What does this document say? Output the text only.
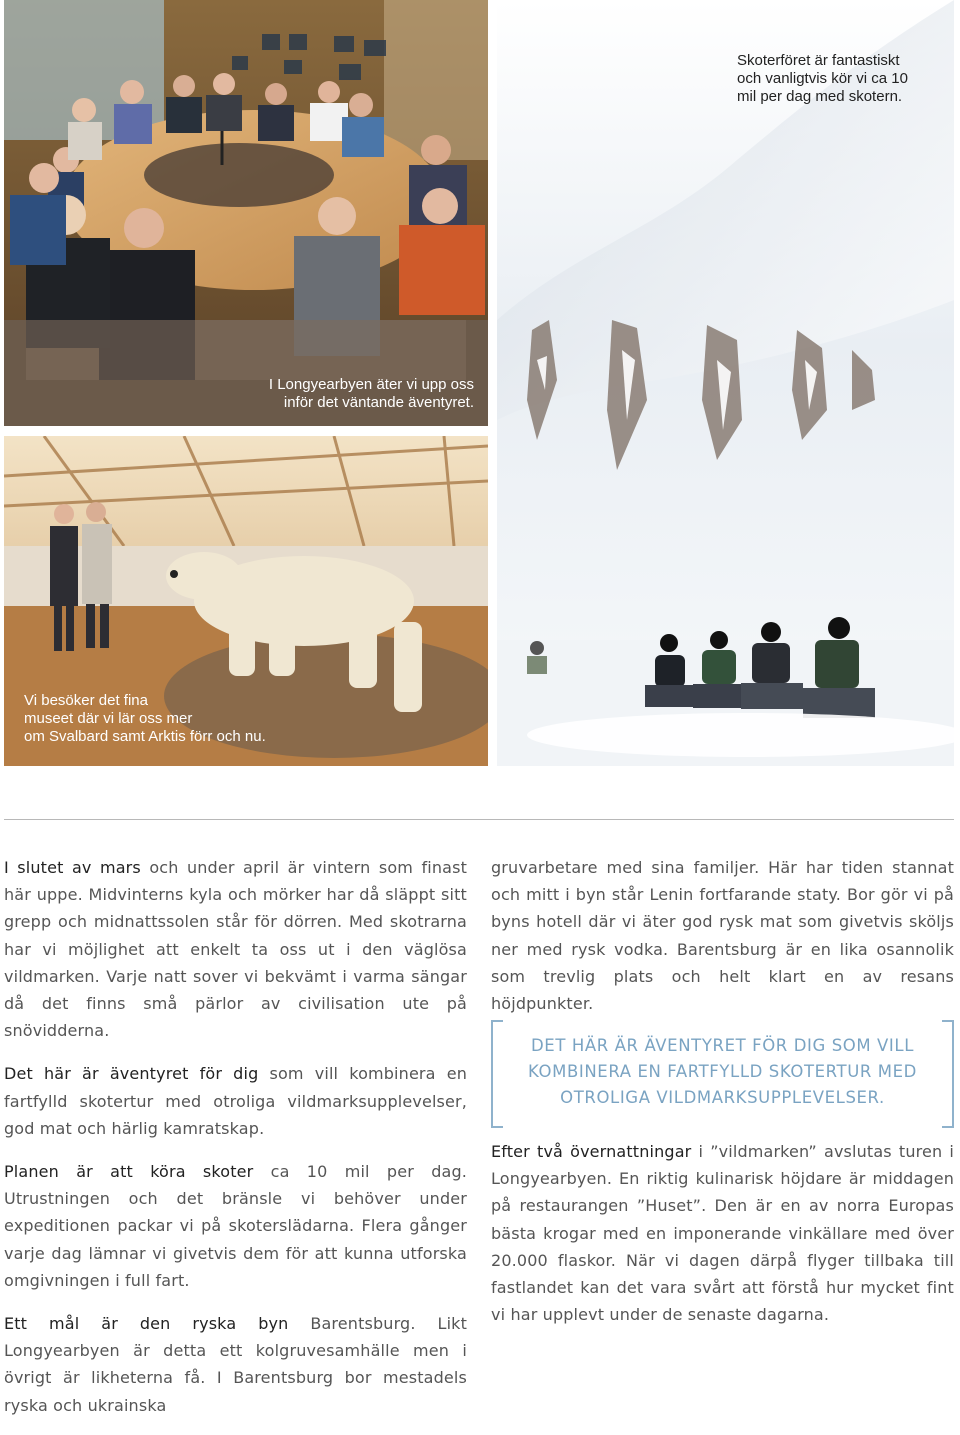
I Longyearbyen äter vi upp oss
inför det väntande äventyret.
Vi besöker det fina
museet där vi lär oss mer
om Svalbard samt Arktis förr och nu.
Skoterföret är fantastiskt
och vanligtvis kör vi ca 10
mil per dag med skotern.

I slutet av mars och under april är vintern som finast här uppe. Midvinterns kyla och mörker har då släppt sitt grepp och midnattssolen står för dörren. Med skotrarna har vi möjlighet att enkelt ta oss ut i den väglösa vildmarken. Varje natt sover vi bekvämt i varma sängar då det finns små pärlor av civilisation ute på snövidderna.

Det här är äventyret för dig som vill kombinera en fartfylld skotertur med otroliga vildmarksupplevelser, god mat och härlig kamratskap.

Planen är att köra skoter ca 10 mil per dag. Utrustningen och det bränsle vi behöver under expeditionen packar vi på skoterslädarna. Flera gånger varje dag lämnar vi givetvis dem för att kunna utforska omgivningen i full fart.

Ett mål är den ryska byn Barentsburg. Likt Longyearbyen är detta ett kolgruvesamhälle men i övrigt är likheterna få. I Barentsburg bor mestadels ryska och ukrainska

gruvarbetare med sina familjer. Här har tiden stannat och mitt i byn står Lenin fortfarande staty. Bor gör vi på byns hotell där vi äter god rysk mat som givetvis sköljs ner med rysk vodka. Barentsburg är en lika osannolik som trevlig plats och helt klart en av resans höjdpunkter.

DET HÄR ÄR ÄVENTYRET FÖR DIG SOM VILL
KOMBINERA EN FARTFYLLD SKOTERTUR MED
OTROLIGA VILDMARKSUPPLEVELSER.

Efter två övernattningar i ”vildmarken” avslutas turen i Longyearbyen. En riktig kulinarisk höjdare är middagen på restaurangen ”Huset”. Den är en av norra Europas bästa krogar med en imponerande vinkällare med över 20.000 flaskor. När vi dagen därpå flyger tillbaka till fastlandet kan det vara svårt att förstå hur mycket fint vi har upplevt under de senaste dagarna.
